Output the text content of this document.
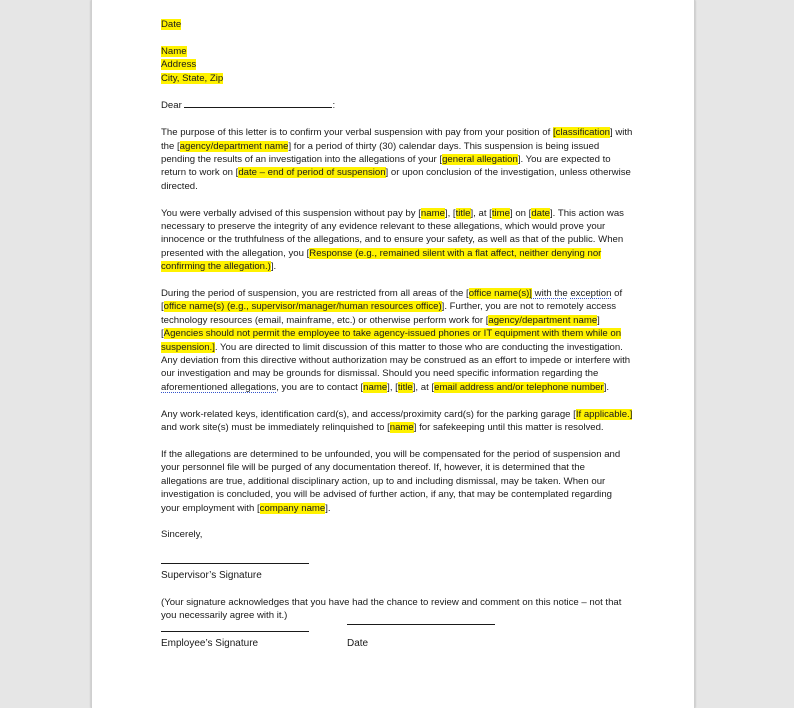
Date

Name

Address

City, State, Zip

Dear	:

The purpose of this letter is to confirm your verbal suspension with pay from your position of [classification] with the [agency/department name] for a period of thirty (30) calendar days. This suspension is being issued pending the results of an investigation into the allegations of your [general allegation]. You are expected to return to work on [date – end of period of suspension] or upon conclusion of the investigation, unless otherwise directed.

You were verbally advised of this suspension without pay by [name], [title], at [time] on [date]. This action was necessary to preserve the integrity of any evidence relevant to these allegations, which would prove your innocence or the truthfulness of the allegations, and to ensure your safety, as well as that of the public. When presented with the allegation, you [Response (e.g., remained silent with a flat affect, neither denying nor confirming the allegation.)].

During the period of suspension, you are restricted from all areas of the [office name(s)] with the exception of [office name(s) (e.g., supervisor/manager/human resources office)]. Further, you are not to remotely access technology resources (email, mainframe, etc.) or otherwise perform work for [agency/department name] [Agencies should not permit the employee to take agency-issued phones or IT equipment with them while on suspension.]. You are directed to limit discussion of this matter to those who are conducting the investigation. Any deviation from this directive without authorization may be construed as an effort to impede or interfere with our investigation and may be grounds for dismissal. Should you need specific information regarding the aforementioned allegations, you are to contact [name], [title], at [email address and/or telephone number].

Any work-related keys, identification card(s), and access/proximity card(s) for the parking garage [If applicable.] and work site(s) must be immediately relinquished to [name] for safekeeping until this matter is resolved.

If the allegations are determined to be unfounded, you will be compensated for the period of suspension and your personnel file will be purged of any documentation thereof. If, however, it is determined that the allegations are true, additional disciplinary action, up to and including dismissal, may be taken. When our investigation is concluded, you will be advised of further action, if any, that may be contemplated regarding your employment with [company name].

Sincerely,

Supervisor’s Signature

(Your signature acknowledges that you have had the chance to review and comment on this notice – not that you necessarily agree with it.)

Employee’s Signature	Date
